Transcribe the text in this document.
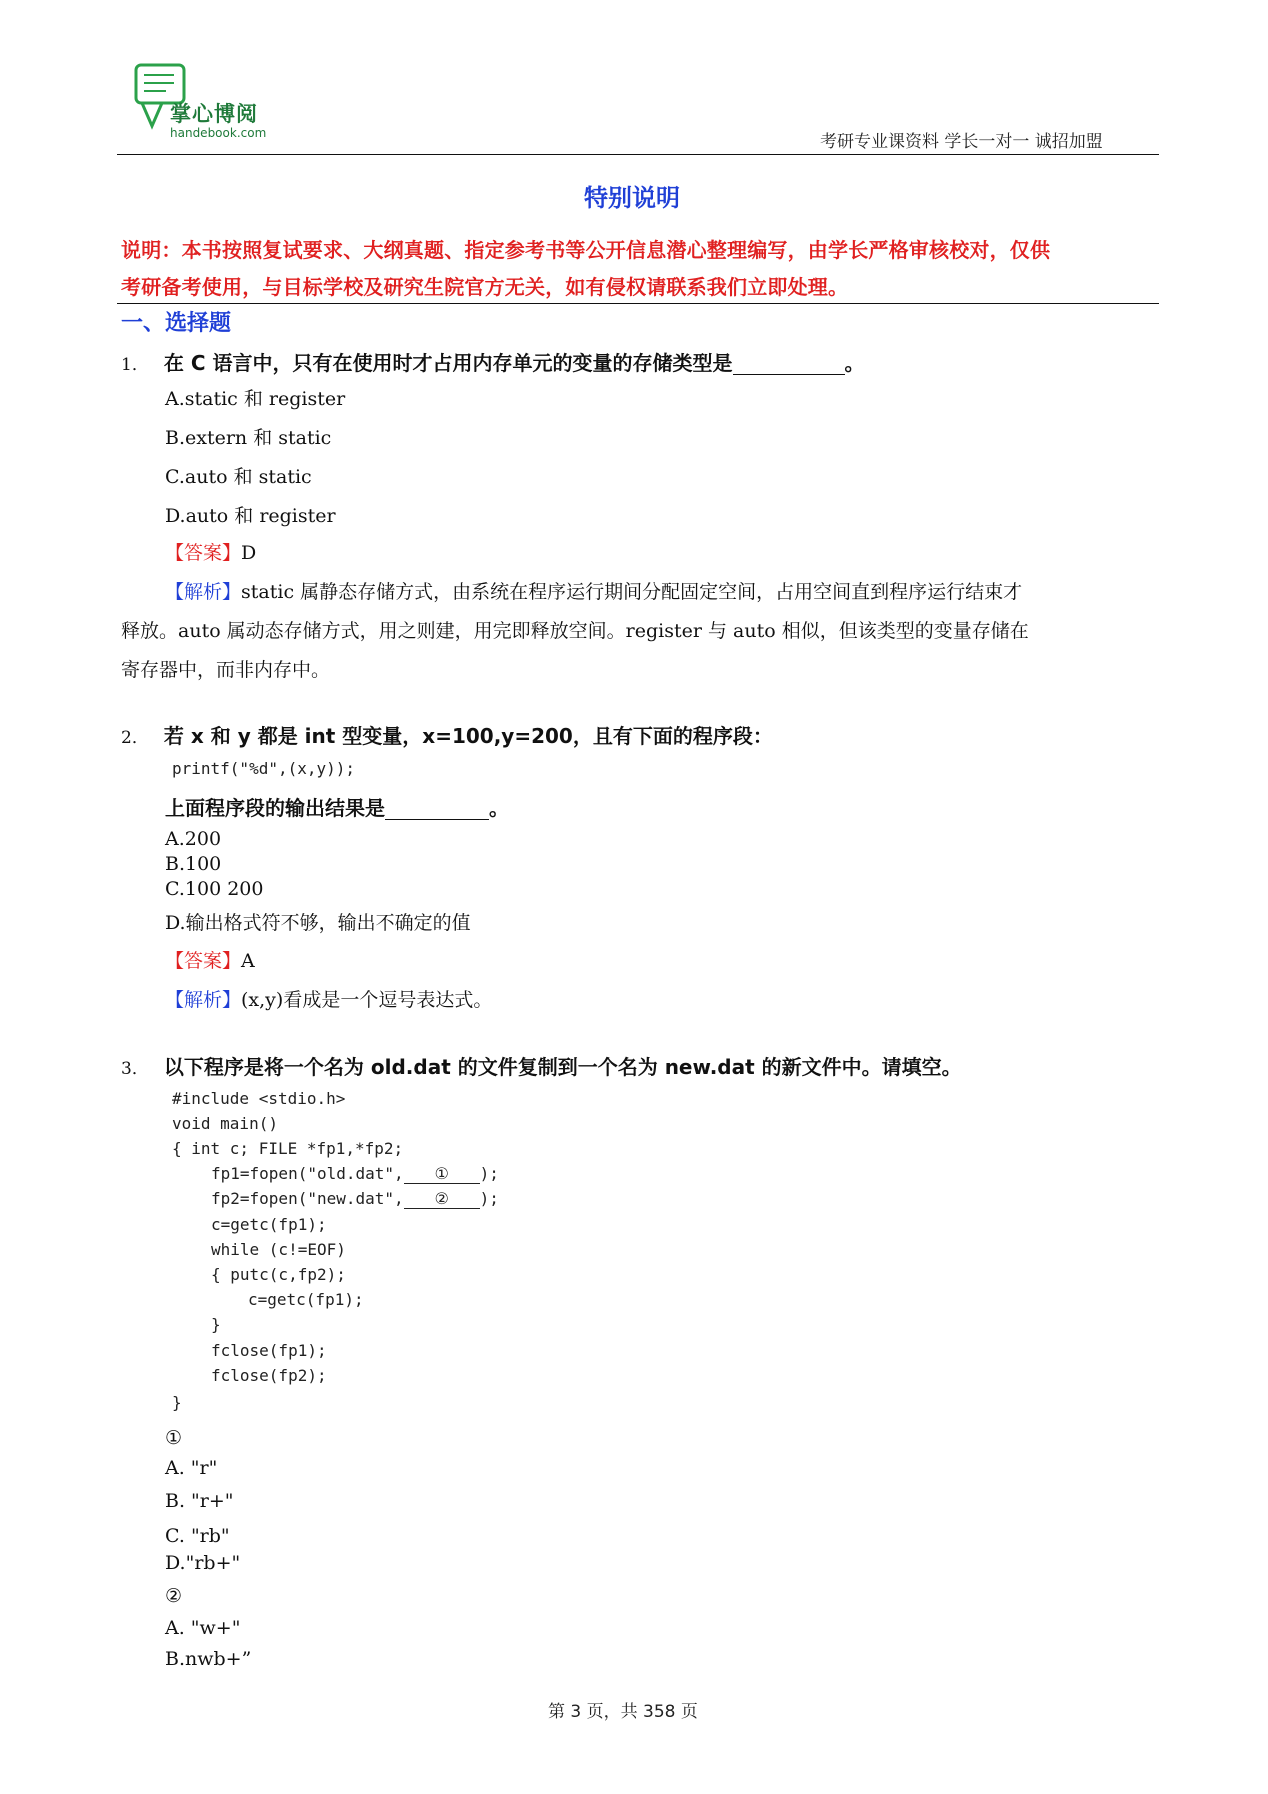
掌心博阅
handebook.com	考研专业课资料 学长一对一 诚招加盟
特别说明
说明：本书按照复试要求、大纲真题、指定参考书等公开信息潜心整理编写，由学长严格审核校对，仅供
考研备考使用，与目标学校及研究生院官方无关，如有侵权请联系我们立即处理。
一、选择题
1． 在 C 语言中，只有在使用时才占用内存单元的变量的存储类型是	。
A.static 和 register
B.extern 和 static
C.auto 和 static
D.auto 和 register
【答案】D
【解析】static 属静态存储方式，由系统在程序运行期间分配固定空间，占用空间直到程序运行结束才
释放。auto 属动态存储方式，用之则建，用完即释放空间。register 与 auto 相似，但该类型的变量存储在
寄存器中，而非内存中。
2． 若 x 和 y 都是 int 型变量，x=100,y=200，且有下面的程序段：
printf("%d",(x,y));
上面程序段的输出结果是	。
A.200
B.100
C.100 200
D.输出格式符不够，输出不确定的值
【答案】A
【解析】(x,y)看成是一个逗号表达式。
3． 以下程序是将一个名为 old.dat 的文件复制到一个名为 new.dat 的新文件中。请填空。
#include <stdio.h>
void main()
{ int c; FILE *fp1,*fp2;
fp1=fopen("old.dat", ① );
fp2=fopen("new.dat", ② );
c=getc(fp1);
while (c!=EOF)
{ putc(c,fp2);
c=getc(fp1);
}
fclose(fp1);
fclose(fp2);
}
①
A. "r"
B. "r+"
C. "rb"
D."rb+"
②
A. "w+"
B.nwb+”
第 3 页，共 358 页
